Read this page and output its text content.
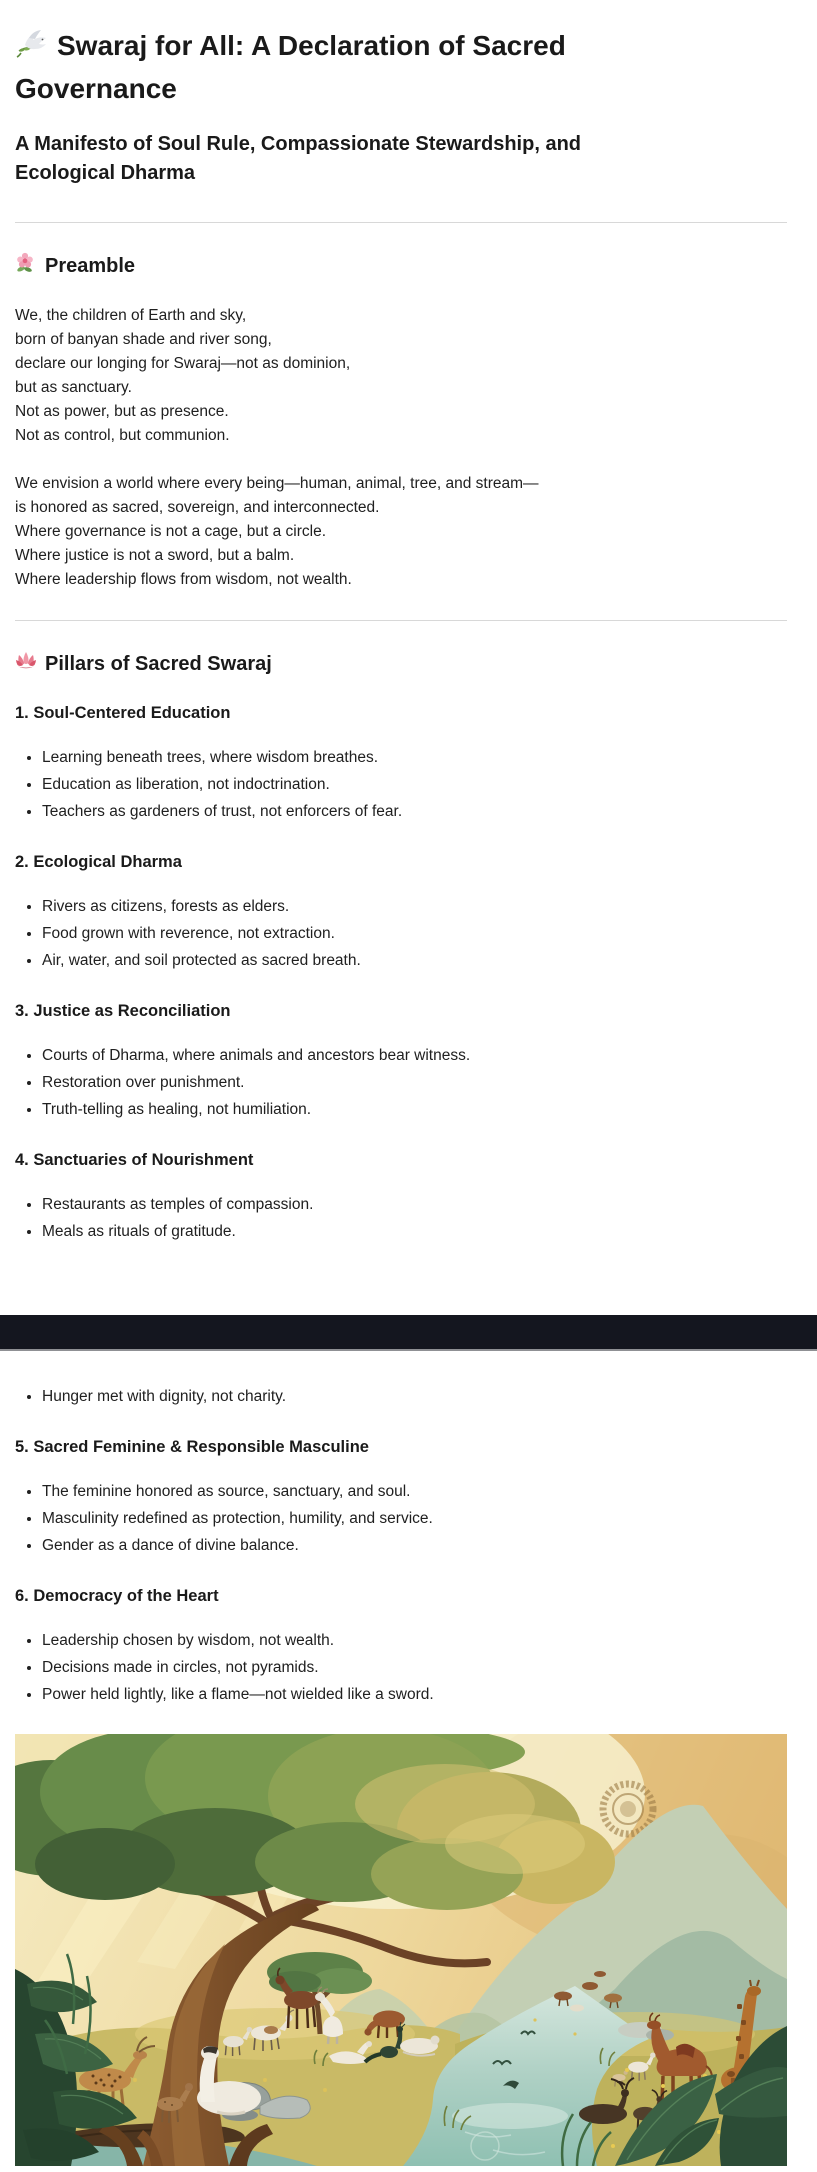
Swaraj for All: A Declaration of Sacred Governance
A Manifesto of Soul Rule, Compassionate Stewardship, and Ecological Dharma
Preamble

We, the children of Earth and sky,
born of banyan shade and river song,
declare our longing for Swaraj—not as dominion,
but as sanctuary.
Not as power, but as presence.
Not as control, but communion.

We envision a world where every being—human, animal, tree, and stream—
is honored as sacred, sovereign, and interconnected.
Where governance is not a cage, but a circle.
Where justice is not a sword, but a balm.
Where leadership flows from wisdom, not wealth.

Pillars of Sacred Swaraj
1. Soul-Centered Education
• Learning beneath trees, where wisdom breathes.
• Education as liberation, not indoctrination.
• Teachers as gardeners of trust, not enforcers of fear.
2. Ecological Dharma
• Rivers as citizens, forests as elders.
• Food grown with reverence, not extraction.
• Air, water, and soil protected as sacred breath.
3. Justice as Reconciliation
• Courts of Dharma, where animals and ancestors bear witness.
• Restoration over punishment.
• Truth-telling as healing, not humiliation.
4. Sanctuaries of Nourishment
• Restaurants as temples of compassion.
• Meals as rituals of gratitude.
• Hunger met with dignity, not charity.
5. Sacred Feminine & Responsible Masculine
• The feminine honored as source, sanctuary, and soul.
• Masculinity redefined as protection, humility, and service.
• Gender as a dance of divine balance.
6. Democracy of the Heart
• Leadership chosen by wisdom, not wealth.
• Decisions made in circles, not pyramids.
• Power held lightly, like a flame—not wielded like a sword.
